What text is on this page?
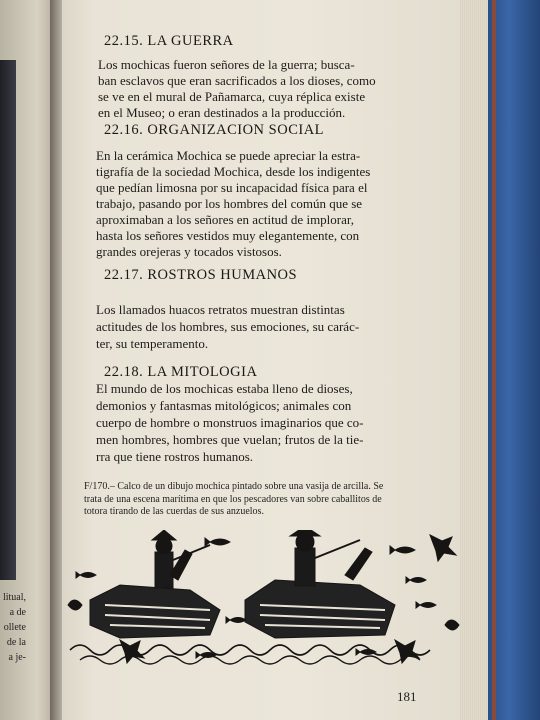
litual,
a de
ollete
de la
a je-
22.15. LA GUERRA
Los mochicas fueron señores de la guerra; busca-
ban esclavos que eran sacrificados a los dioses, como
se ve en el mural de Pañamarca, cuya réplica existe
en el Museo; o eran destinados a la producción.
22.16. ORGANIZACION SOCIAL
En la cerámica Mochica se puede apreciar la estra-
tigrafía de la sociedad Mochica, desde los indigentes
que pedían limosna por su incapacidad física para el
trabajo, pasando por los hombres del común que se
aproximaban a los señores en actitud de implorar,
hasta los señores vestidos muy elegantemente, con
grandes orejeras y tocados vistosos.
22.17. ROSTROS HUMANOS
Los llamados huacos retratos muestran distintas
actitudes de los hombres, sus emociones, su carác-
ter, su temperamento.
22.18. LA MITOLOGIA
El mundo de los mochicas estaba lleno de dioses,
demonios y fantasmas mitológicos; animales con
cuerpo de hombre o monstruos imaginarios que co-
men hombres, hombres que vuelan; frutos de la tie-
rra que tiene rostros humanos.
F/170.– Calco de un dibujo mochica pintado sobre una vasija de arcilla. Se
trata de una escena marítima en que los pescadores van sobre caballitos de
totora tirando de las cuerdas de sus anzuelos.
181
